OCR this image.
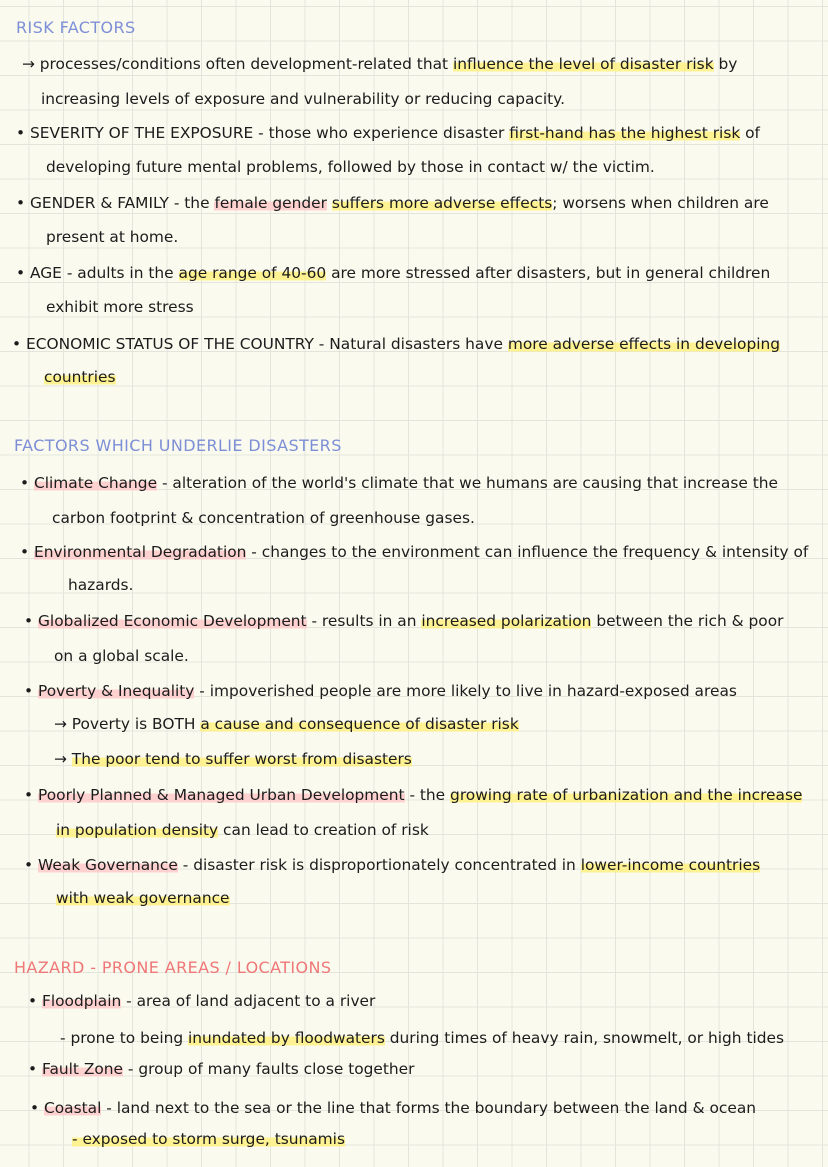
RISK FACTORS
→ processes/conditions often development-related that influence the level of disaster risk by
increasing levels of exposure and vulnerability or reducing capacity.
• SEVERITY OF THE EXPOSURE - those who experience disaster first-hand has the highest risk of
developing future mental problems, followed by those in contact w/ the victim.
• GENDER & FAMILY - the female gender suffers more adverse effects; worsens when children are
present at home.
• AGE - adults in the age range of 40-60 are more stressed after disasters, but in general children
exhibit more stress
• ECONOMIC STATUS OF THE COUNTRY - Natural disasters have more adverse effects in developing
countries
FACTORS WHICH UNDERLIE DISASTERS
• Climate Change - alteration of the world's climate that we humans are causing that increase the
carbon footprint & concentration of greenhouse gases.
• Environmental Degradation - changes to the environment can influence the frequency & intensity of
hazards.
• Globalized Economic Development - results in an increased polarization between the rich & poor
on a global scale.
• Poverty & Inequality - impoverished people are more likely to live in hazard-exposed areas
→ Poverty is BOTH a cause and consequence of disaster risk
→ The poor tend to suffer worst from disasters
• Poorly Planned & Managed Urban Development - the growing rate of urbanization and the increase
in population density can lead to creation of risk
• Weak Governance - disaster risk is disproportionately concentrated in lower-income countries
with weak governance
HAZARD - PRONE AREAS / LOCATIONS
• Floodplain - area of land adjacent to a river
- prone to being inundated by floodwaters during times of heavy rain, snowmelt, or high tides
• Fault Zone - group of many faults close together
• Coastal - land next to the sea or the line that forms the boundary between the land & ocean
- exposed to storm surge, tsunamis
